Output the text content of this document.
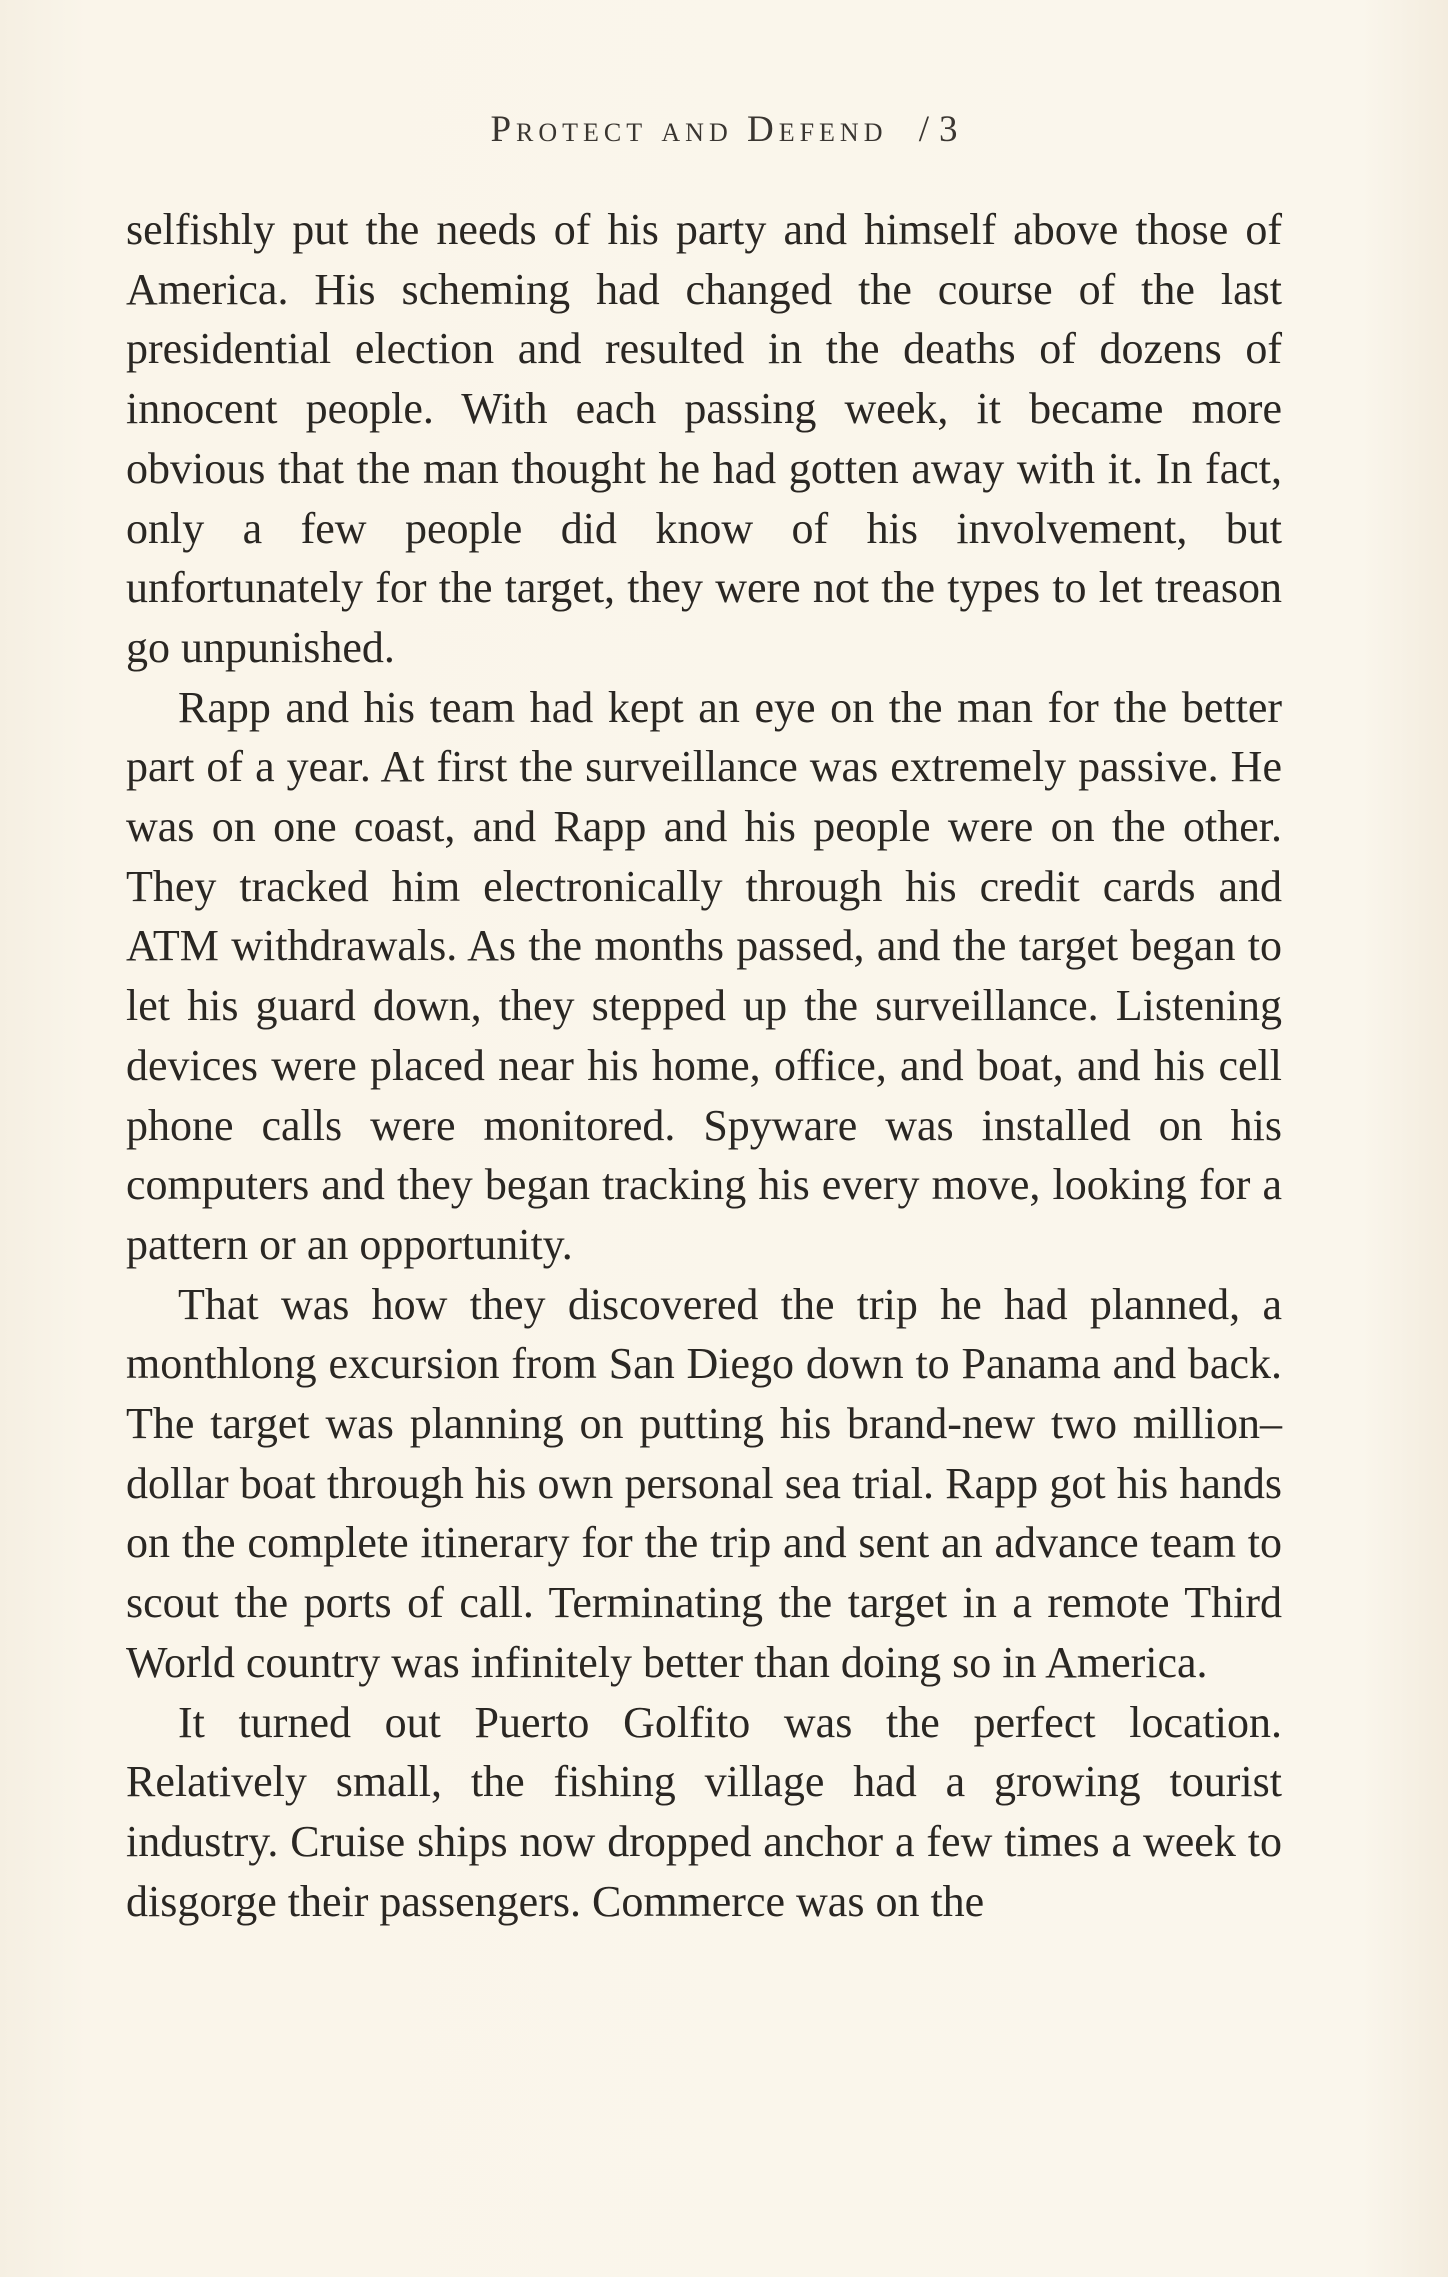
Protect and Defend / 3

selfishly put the needs of his party and himself above those of America. His scheming had changed the course of the last presidential election and resulted in the deaths of dozens of innocent people. With each passing week, it became more obvious that the man thought he had gotten away with it. In fact, only a few people did know of his involvement, but unfortunately for the target, they were not the types to let treason go unpunished.

Rapp and his team had kept an eye on the man for the better part of a year. At first the surveillance was extremely passive. He was on one coast, and Rapp and his people were on the other. They tracked him electronically through his credit cards and ATM withdrawals. As the months passed, and the target began to let his guard down, they stepped up the surveillance. Listening devices were placed near his home, office, and boat, and his cell phone calls were monitored. Spyware was installed on his computers and they began tracking his every move, looking for a pattern or an opportunity.

That was how they discovered the trip he had planned, a monthlong excursion from San Diego down to Panama and back. The target was planning on putting his brand-new two million–dollar boat through his own personal sea trial. Rapp got his hands on the complete itinerary for the trip and sent an advance team to scout the ports of call. Terminating the target in a remote Third World country was infinitely better than doing so in America.

It turned out Puerto Golfito was the perfect location. Relatively small, the fishing village had a growing tourist industry. Cruise ships now dropped anchor a few times a week to disgorge their passengers. Commerce was on the
